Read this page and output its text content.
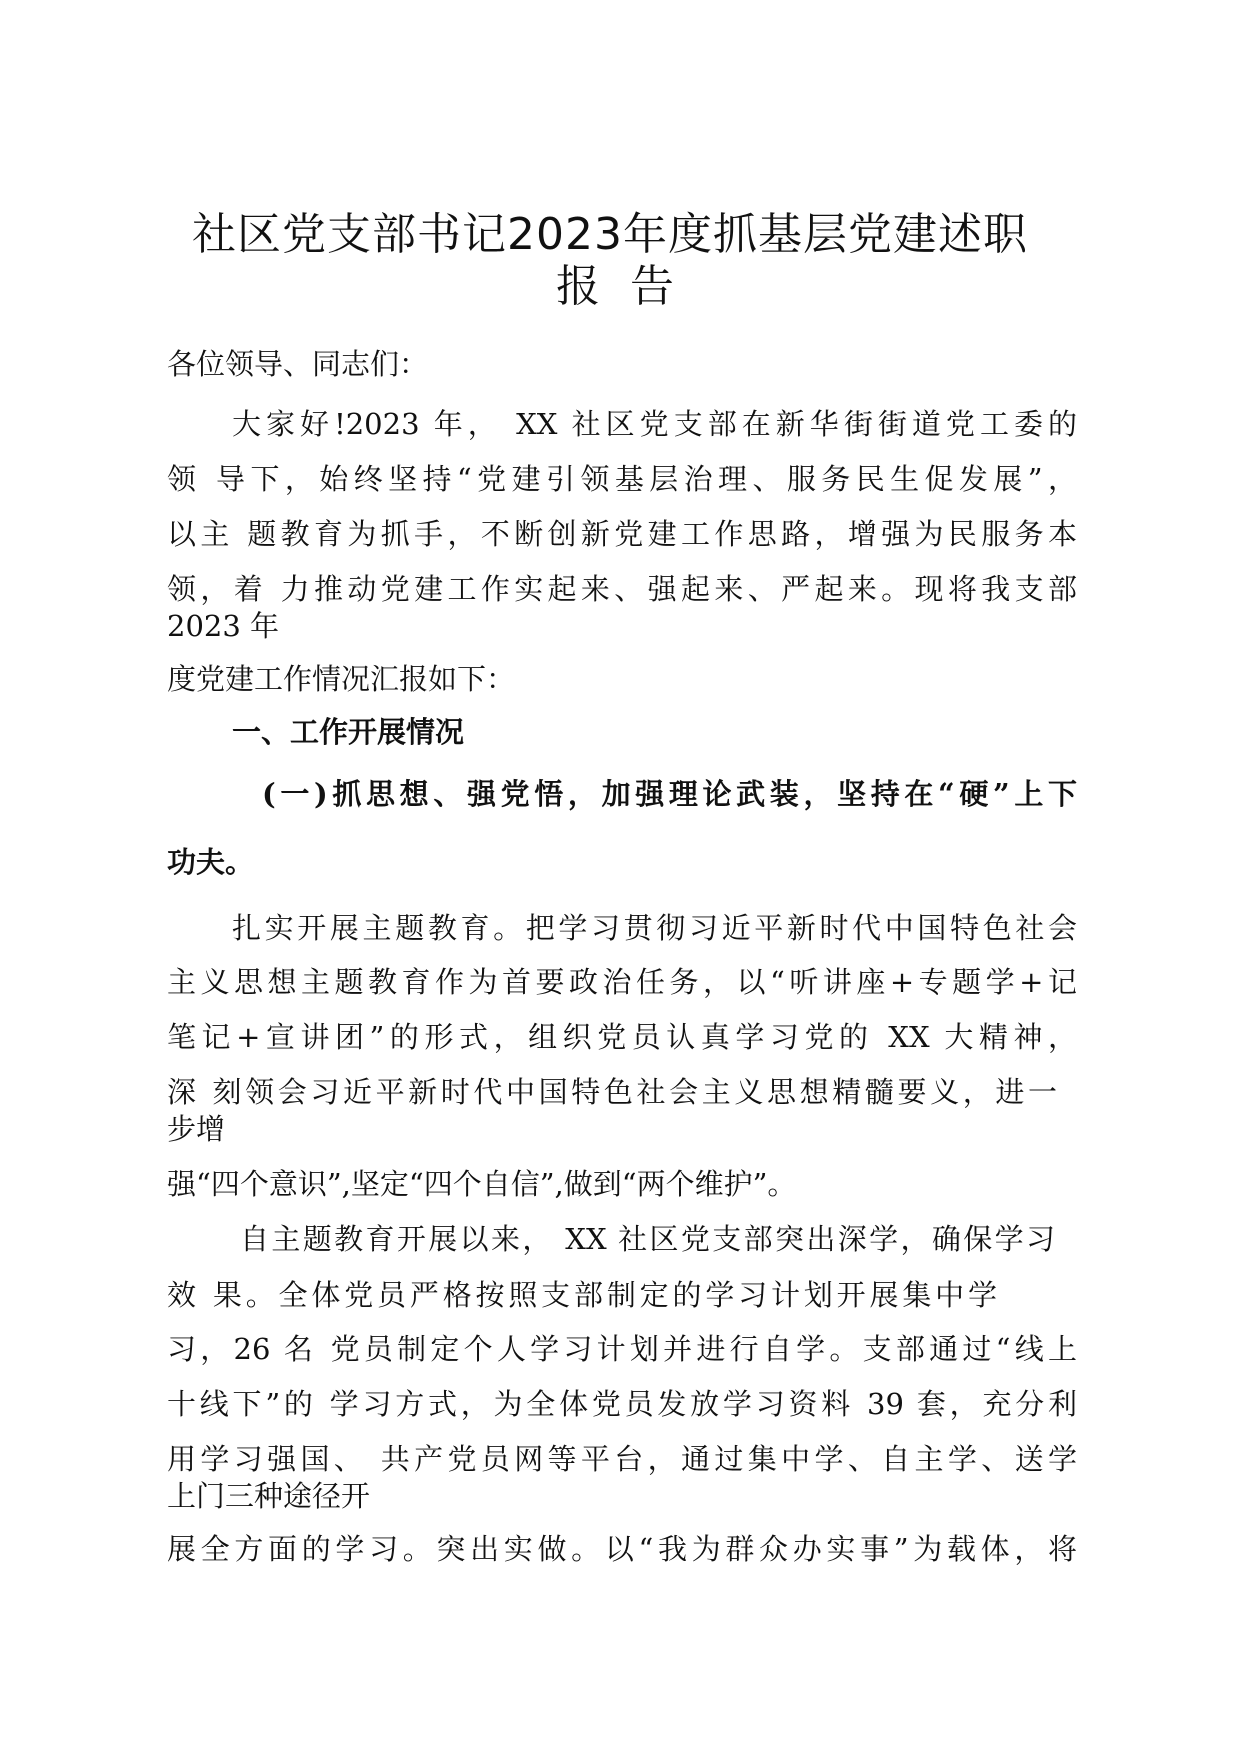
社区党支部书记2023年度抓基层党建述职
报告
各位领导、同志们：
大家好!2023 年， XX 社区党支部在新华街街道党工委的
领 导下，始终坚持“党建引领基层治理、服务民生促发展”，
以主 题教育为抓手，不断创新党建工作思路，增强为民服务本
领，着 力推动党建工作实起来、强起来、严起来。现将我支部
2023 年
度党建工作情况汇报如下：
一、工作开展情况
(一)抓思想、强党悟，加强理论武装，坚持在“硬”上下
功夫。
扎实开展主题教育。把学习贯彻习近平新时代中国特色社会
主义思想主题教育作为首要政治任务，以“听讲座+专题学+记
笔记+宣讲团”的形式，组织党员认真学习党的 XX 大精神，
深 刻领会习近平新时代中国特色社会主义思想精髓要义，进一
步增
强“四个意识”,坚定“四个自信”,做到“两个维护”。
自主题教育开展以来， XX 社区党支部突出深学，确保学习
效 果。全体党员严格按照支部制定的学习计划开展集中学
习，26 名 党员制定个人学习计划并进行自学。支部通过“线上
十线下”的 学习方式，为全体党员发放学习资料 39 套，充分利
用学习强国、 共产党员网等平台，通过集中学、自主学、送学
上门三种途径开
展全方面的学习。突出实做。以“我为群众办实事”为载体，将
